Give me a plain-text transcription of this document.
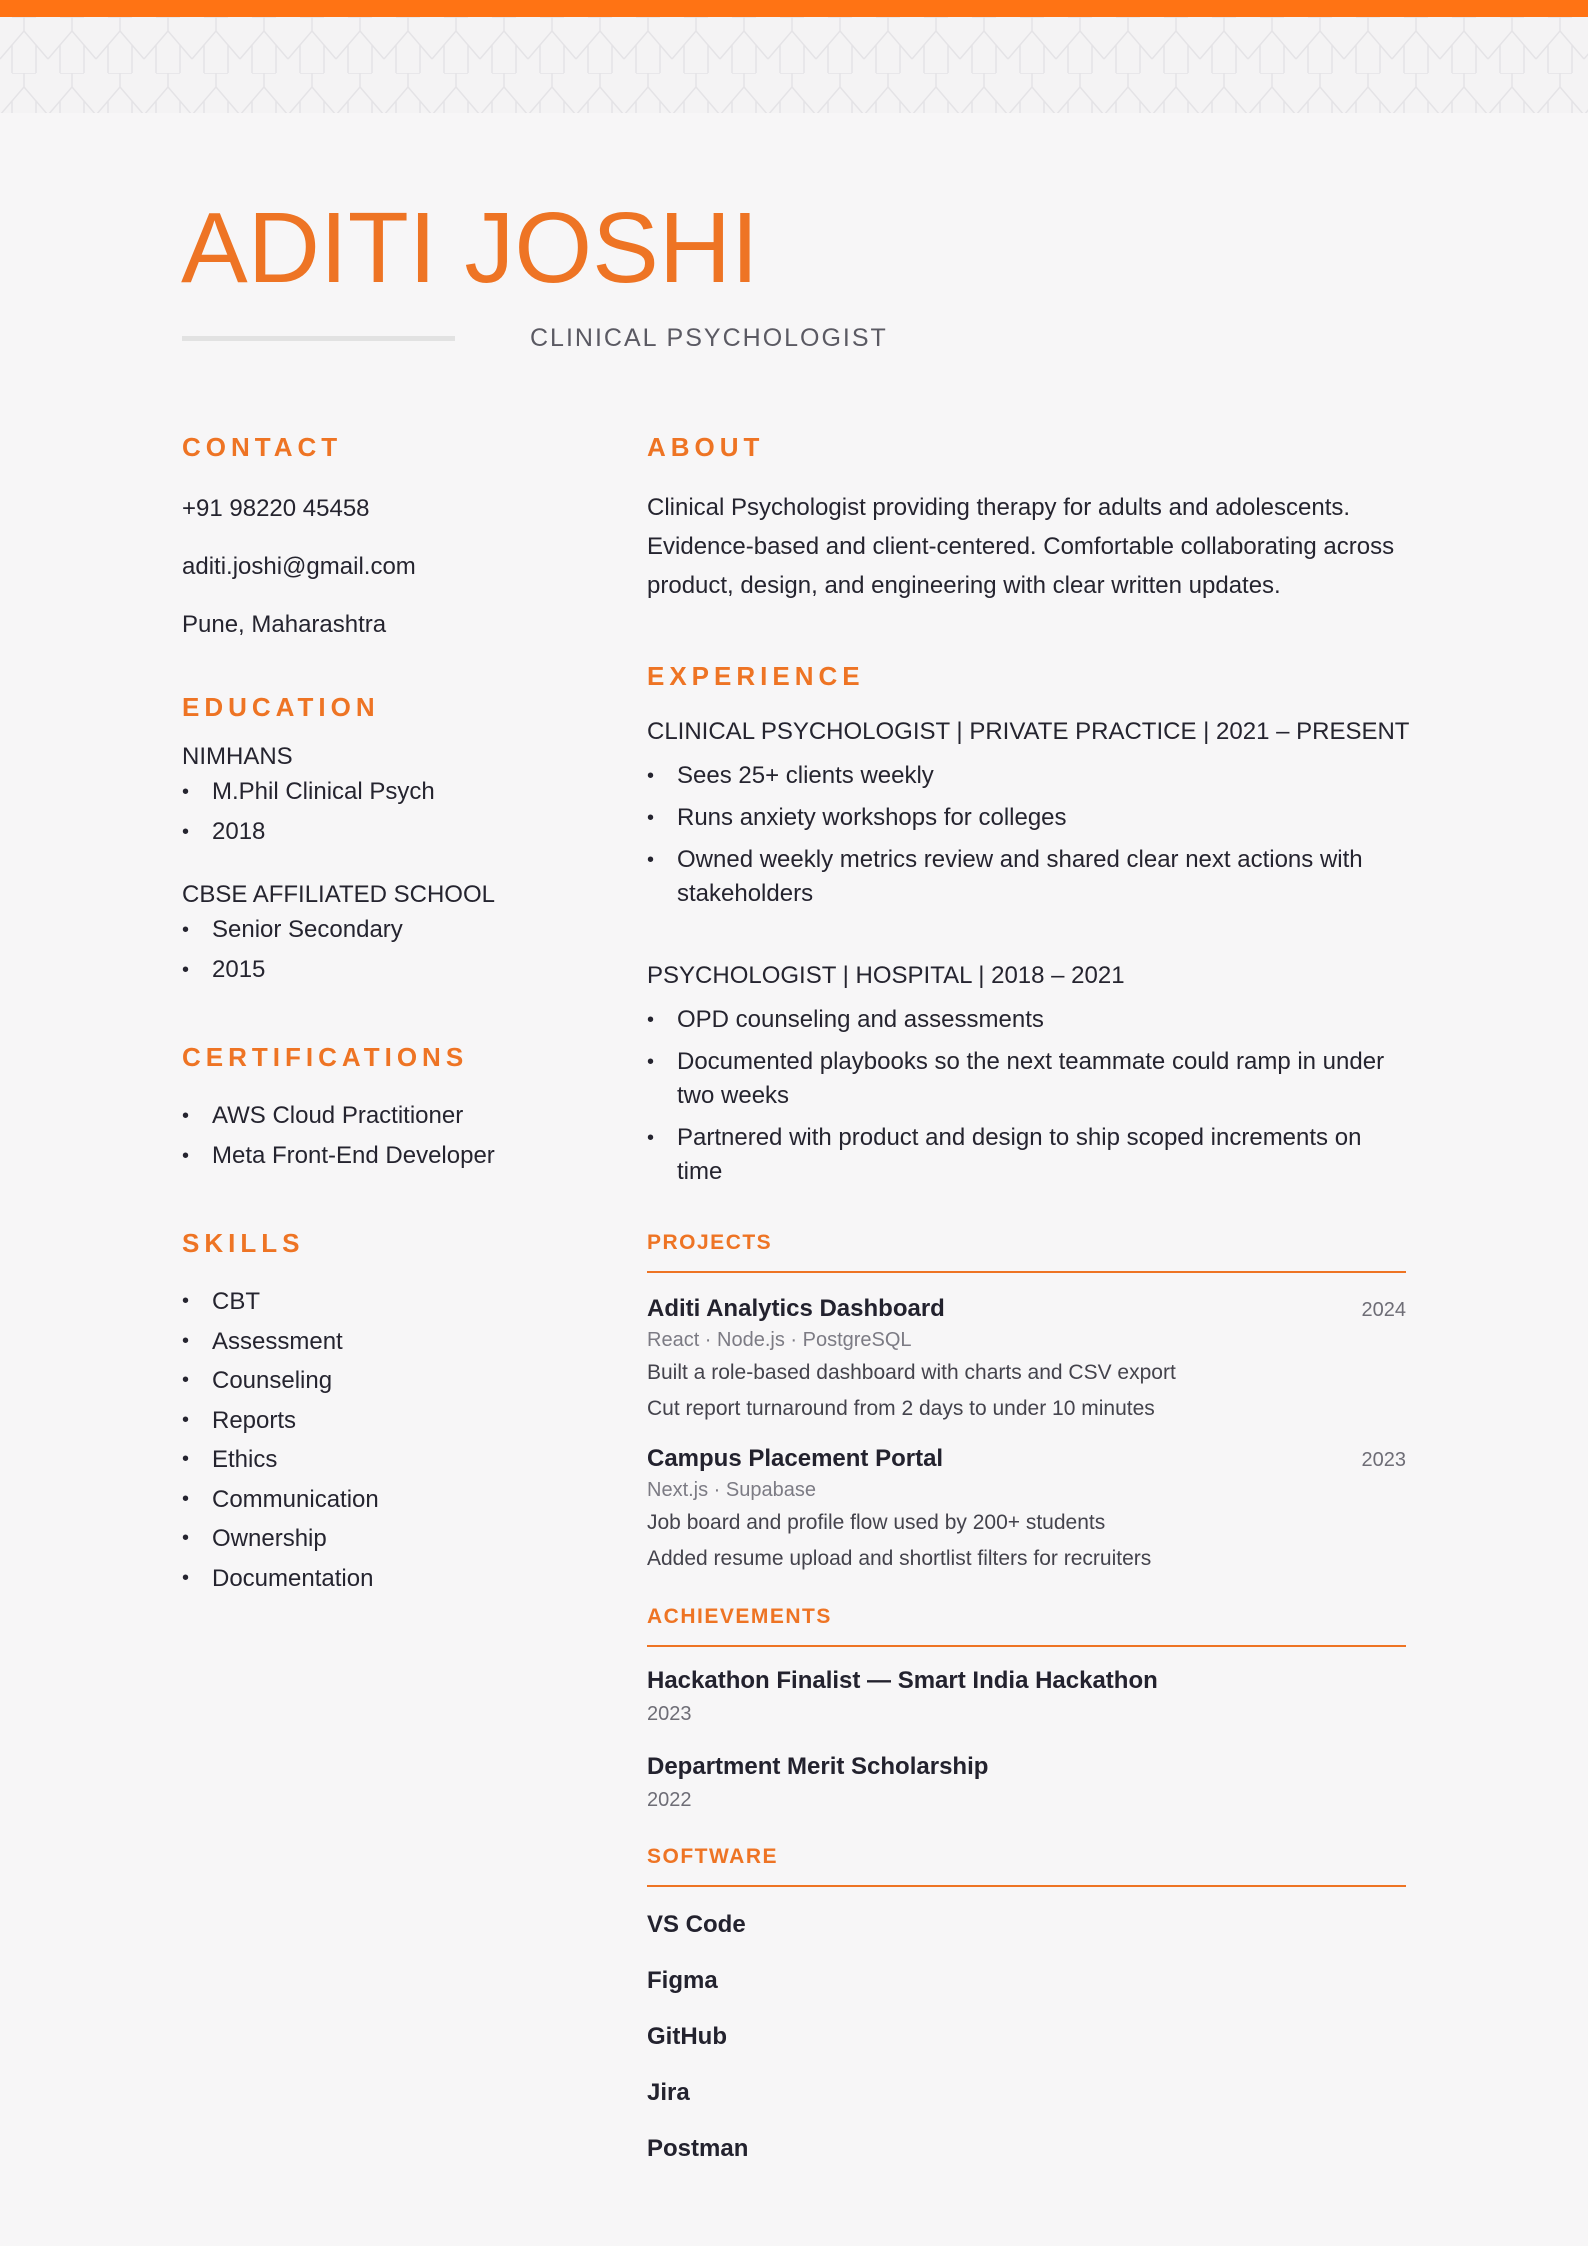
ADITI JOSHI
CLINICAL PSYCHOLOGIST
CONTACT

+91 98220 45458

aditi.joshi@gmail.com

Pune, Maharashtra

EDUCATION

NIMHANS

• M.Phil Clinical Psych
• 2018

CBSE AFFILIATED SCHOOL

• Senior Secondary
• 2015
CERTIFICATIONS
• AWS Cloud Practitioner
• Meta Front-End Developer
SKILLS
• CBT
• Assessment
• Counseling
• Reports
• Ethics
• Communication
• Ownership
• Documentation
ABOUT

Clinical Psychologist providing therapy for adults and adolescents. Evidence-based and client-centered. Comfortable collaborating across product, design, and engineering with clear written updates.

EXPERIENCE

CLINICAL PSYCHOLOGIST | PRIVATE PRACTICE | 2021 – PRESENT

• Sees 25+ clients weekly
• Runs anxiety workshops for colleges
• Owned weekly metrics review and shared clear next actions with stakeholders

PSYCHOLOGIST | HOSPITAL | 2018 – 2021

• OPD counseling and assessments
• Documented playbooks so the next teammate could ramp in under two weeks
• Partnered with product and design to ship scoped increments on time

PROJECTS

Aditi Analytics Dashboard	2024
React · Node.js · PostgreSQL
Built a role-based dashboard with charts and CSV export
Cut report turnaround from 2 days to under 10 minutes
Campus Placement Portal	2023
Next.js · Supabase
Job board and profile flow used by 200+ students
Added resume upload and shortlist filters for recruiters

ACHIEVEMENTS

Hackathon Finalist — Smart India Hackathon
2023
Department Merit Scholarship
2022

SOFTWARE

VS Code
Figma
GitHub
Jira
Postman
